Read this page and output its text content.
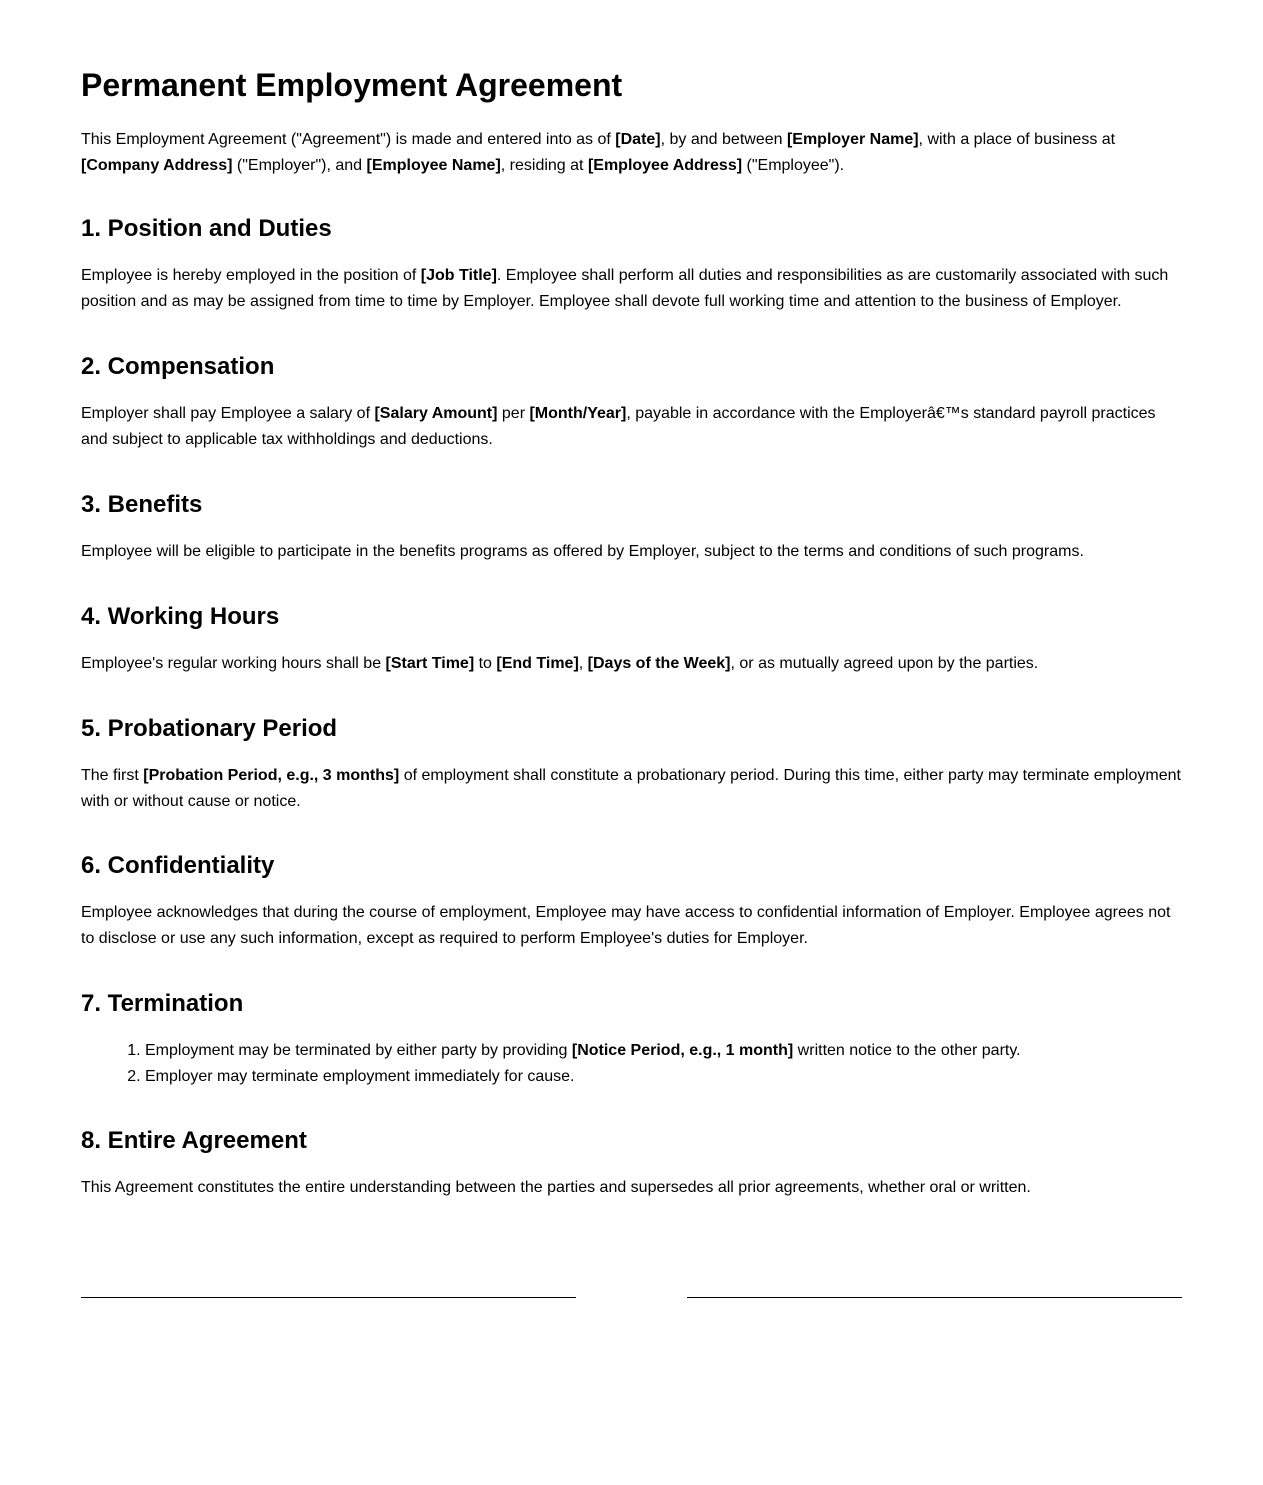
Permanent Employment Agreement

This Employment Agreement ("Agreement") is made and entered into as of [Date], by and between [Employer Name], with a place of business at [Company Address] ("Employer"), and [Employee Name], residing at [Employee Address] ("Employee").

1. Position and Duties

Employee is hereby employed in the position of [Job Title]. Employee shall perform all duties and responsibilities as are customarily associated with such position and as may be assigned from time to time by Employer. Employee shall devote full working time and attention to the business of Employer.

2. Compensation

Employer shall pay Employee a salary of [Salary Amount] per [Month/Year], payable in accordance with the Employerâ€™s standard payroll practices and subject to applicable tax withholdings and deductions.

3. Benefits

Employee will be eligible to participate in the benefits programs as offered by Employer, subject to the terms and conditions of such programs.

4. Working Hours

Employee's regular working hours shall be [Start Time] to [End Time], [Days of the Week], or as mutually agreed upon by the parties.

5. Probationary Period

The first [Probation Period, e.g., 3 months] of employment shall constitute a probationary period. During this time, either party may terminate employment with or without cause or notice.

6. Confidentiality

Employee acknowledges that during the course of employment, Employee may have access to confidential information of Employer. Employee agrees not to disclose or use any such information, except as required to perform Employee's duties for Employer.

7. Termination
1. Employment may be terminated by either party by providing [Notice Period, e.g., 1 month] written notice to the other party.
2. Employer may terminate employment immediately for cause.
8. Entire Agreement

This Agreement constitutes the entire understanding between the parties and supersedes all prior agreements, whether oral or written.
